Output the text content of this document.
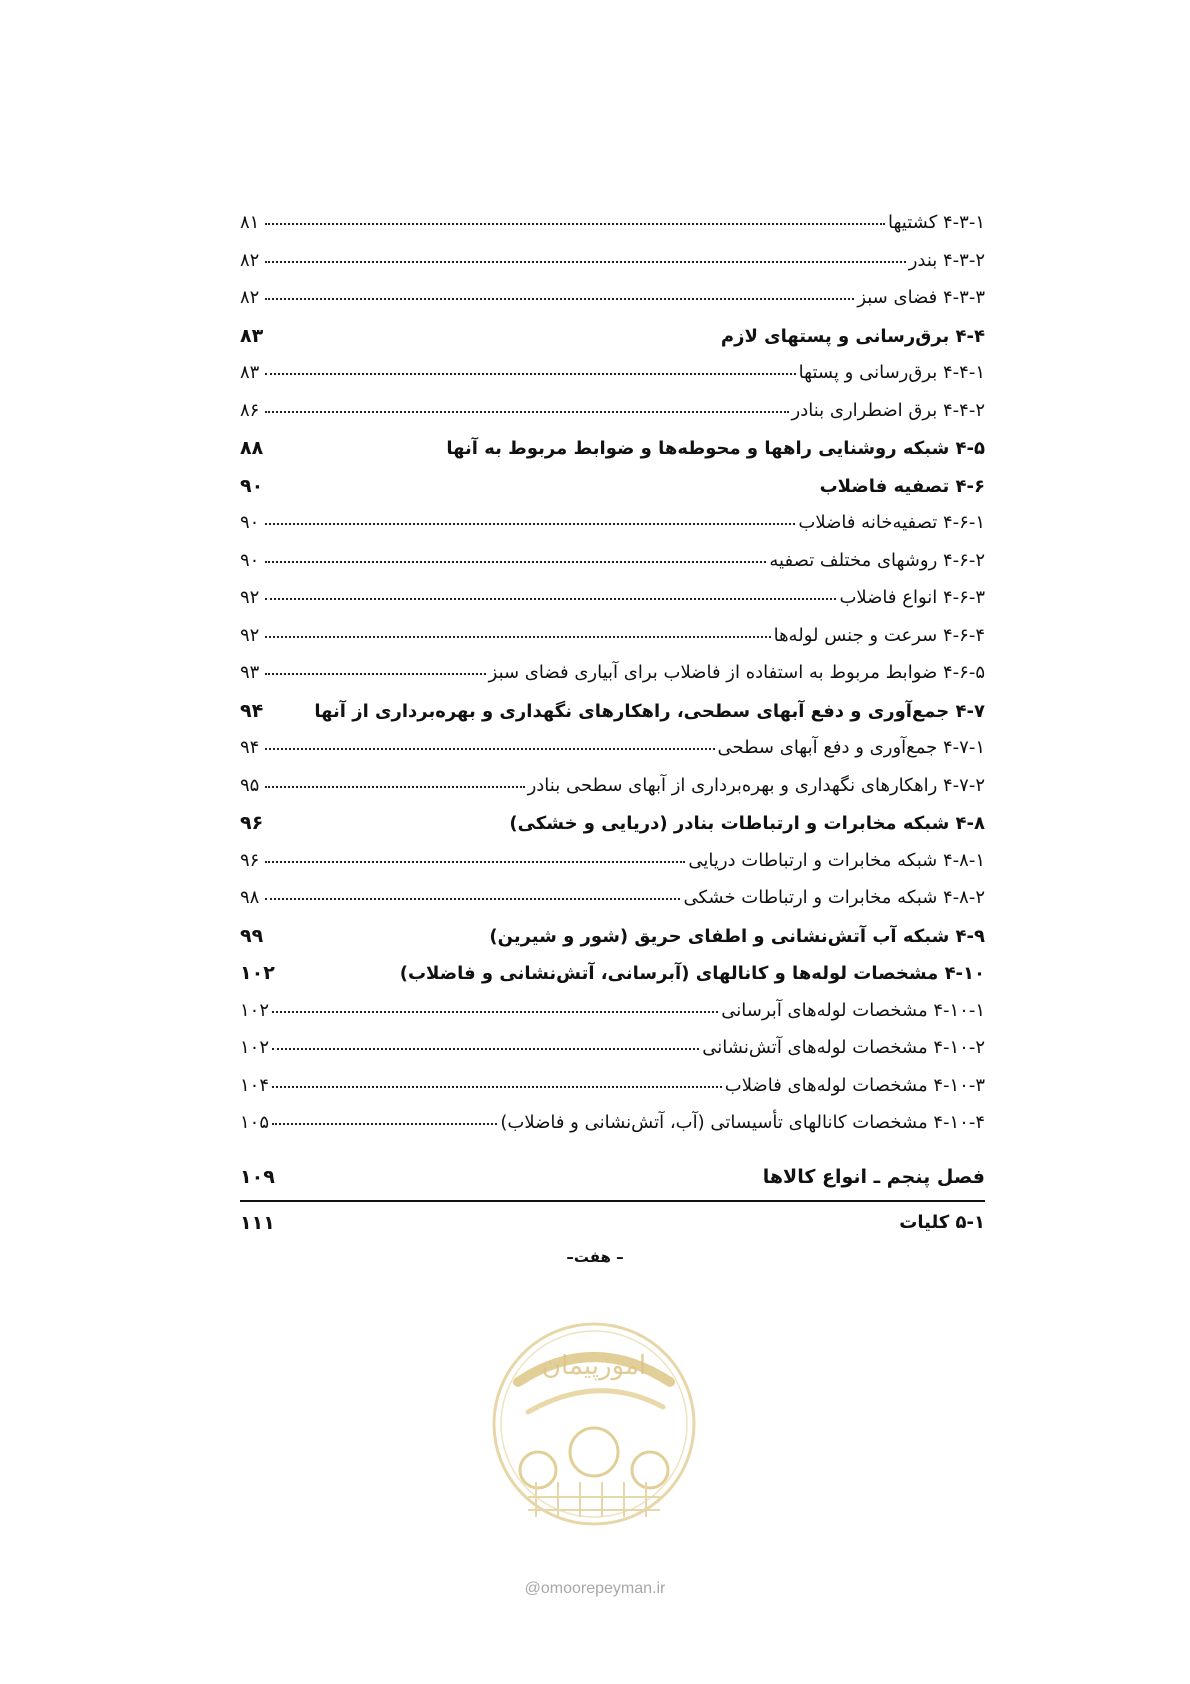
۴-۳-۱ کشتیها
۸۱
۴-۳-۲ بندر
۸۲
۴-۳-۳ فضای سبز
۸۲
۴-۴ برق‌رسانی و پستهای لازم
۸۳
۴-۴-۱ برق‌رسانی و پستها
۸۳
۴-۴-۲ برق اضطراری بنادر
۸۶
۴-۵ شبکه روشنایی راهها و محوطه‌ها و ضوابط مربوط به آنها
۸۸
۴-۶ تصفیه فاضلاب
۹۰
۴-۶-۱ تصفیه‌خانه فاضلاب
۹۰
۴-۶-۲ روشهای مختلف تصفیه
۹۰
۴-۶-۳ انواع فاضلاب
۹۲
۴-۶-۴ سرعت و جنس لوله‌ها
۹۲
۴-۶-۵ ضوابط مربوط به استفاده از فاضلاب برای آبیاری فضای سبز
۹۳
۴-۷ جمع‌آوری و دفع آبهای سطحی، راهکارهای نگهداری و بهره‌برداری از آنها
۹۴
۴-۷-۱ جمع‌آوری و دفع آبهای سطحی
۹۴
۴-۷-۲ راهکارهای نگهداری و بهره‌برداری از آبهای سطحی بنادر
۹۵
۴-۸ شبکه مخابرات و ارتباطات بنادر (دریایی و خشکی)
۹۶
۴-۸-۱ شبکه مخابرات و ارتباطات دریایی
۹۶
۴-۸-۲ شبکه مخابرات و ارتباطات خشکی
۹۸
۴-۹ شبکه آب آتش‌نشانی و اطفای حریق (شور و شیرین)
۹۹
۴-۱۰ مشخصات لوله‌ها و کانالهای (آبرسانی، آتش‌نشانی و فاضلاب)
۱۰۲
۴-۱۰-۱ مشخصات لوله‌های آبرسانی
۱۰۲
۴-۱۰-۲ مشخصات لوله‌های آتش‌نشانی
۱۰۲
۴-۱۰-۳ مشخصات لوله‌های فاضلاب
۱۰۴
۴-۱۰-۴ مشخصات کانالهای تأسیساتی (آب، آتش‌نشانی و فاضلاب)
۱۰۵
فصل پنجم ـ انواع کالاها
۱۰۹
۵-۱ کلیات
۱۱۱
– هفت–
امورپیمان
@omoorepeyman.ir
